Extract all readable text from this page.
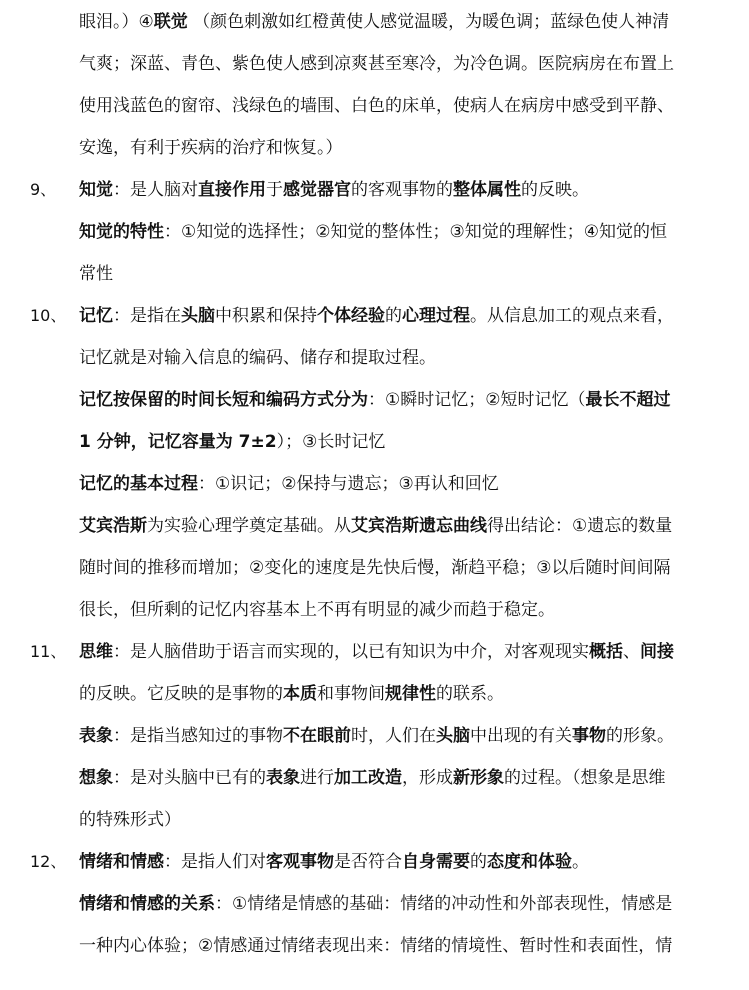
眼泪。）④联觉 （颜色刺激如红橙黄使人感觉温暖，为暖色调；蓝绿色使人神清
气爽；深蓝、青色、紫色使人感到凉爽甚至寒冷，为冷色调。医院病房在布置上
使用浅蓝色的窗帘、浅绿色的墙围、白色的床单，使病人在病房中感受到平静、
安逸，有利于疾病的治疗和恢复。）
9、 知觉：是人脑对直接作用于感觉器官的客观事物的整体属性的反映。
知觉的特性：①知觉的选择性；②知觉的整体性；③知觉的理解性；④知觉的恒
常性
10、 记忆：是指在头脑中积累和保持个体经验的心理过程。从信息加工的观点来看，
记忆就是对输入信息的编码、储存和提取过程。
记忆按保留的时间长短和编码方式分为：①瞬时记忆；②短时记忆（最长不超过
1 分钟，记忆容量为 7±2）；③长时记忆
记忆的基本过程：①识记；②保持与遗忘；③再认和回忆
艾宾浩斯为实验心理学奠定基础。从艾宾浩斯遗忘曲线得出结论：①遗忘的数量
随时间的推移而增加；②变化的速度是先快后慢，渐趋平稳；③以后随时间间隔
很长，但所剩的记忆内容基本上不再有明显的减少而趋于稳定。
11、 思维：是人脑借助于语言而实现的，以已有知识为中介，对客观现实概括、间接
的反映。它反映的是事物的本质和事物间规律性的联系。
表象：是指当感知过的事物不在眼前时，人们在头脑中出现的有关事物的形象。
想象：是对头脑中已有的表象进行加工改造，形成新形象的过程。（想象是思维
的特殊形式）
12、 情绪和情感：是指人们对客观事物是否符合自身需要的态度和体验。
情绪和情感的关系：①情绪是情感的基础：情绪的冲动性和外部表现性，情感是
一种内心体验；②情感通过情绪表现出来：情绪的情境性、暂时性和表面性，情
